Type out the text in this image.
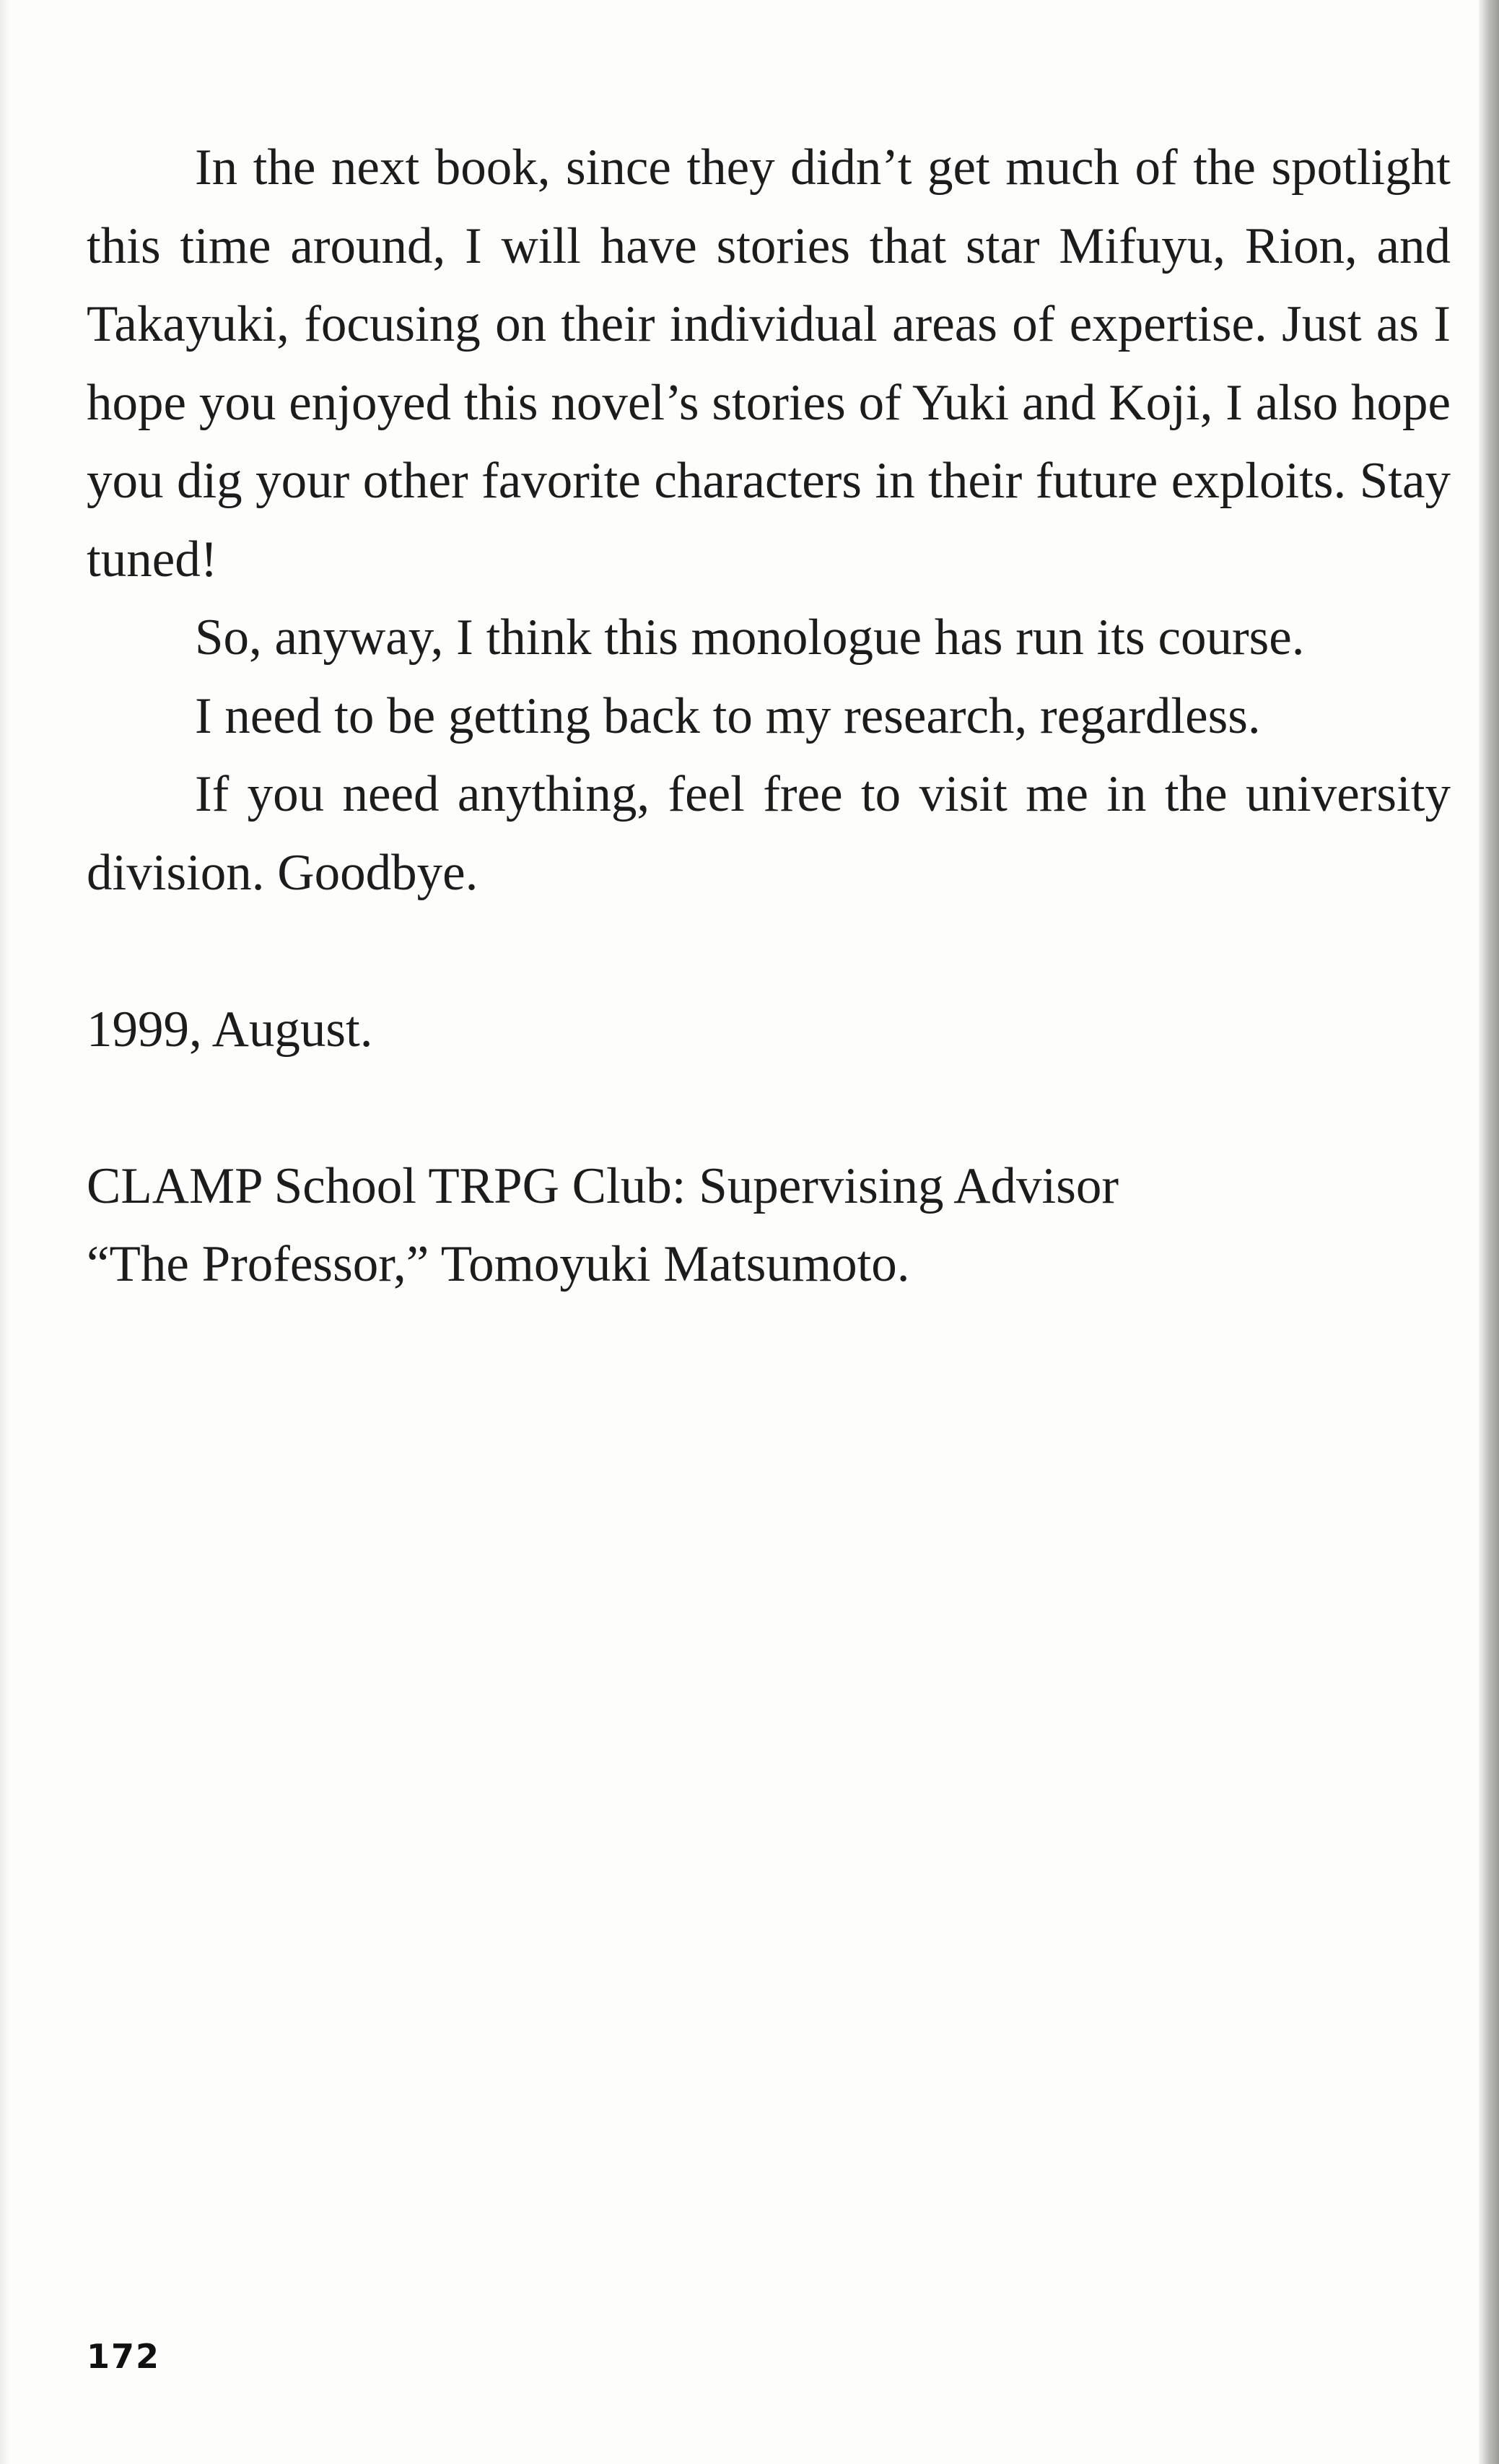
In the next book, since they didn’t get much of the spotlight this time around, I will have stories that star Mifuyu, Rion, and Takayuki, focusing on their individual areas of expertise. Just as I hope you enjoyed this novel’s stories of Yuki and Koji, I also hope you dig your other favorite characters in their future exploits. Stay tuned!

So, anyway, I think this monologue has run its course.

I need to be getting back to my research, regardless.

If you need anything, feel free to visit me in the university division. Goodbye.

1999, August.

CLAMP School TRPG Club: Supervising Advisor

“The Professor,” Tomoyuki Matsumoto.

172
